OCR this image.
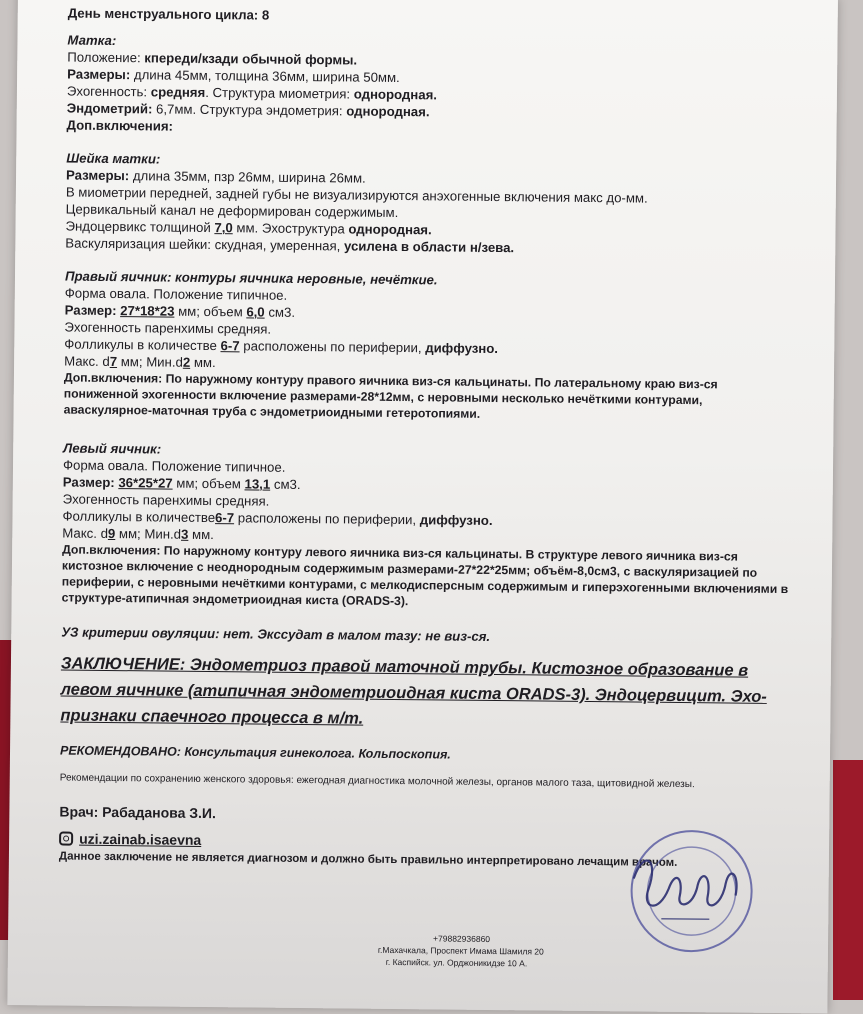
День менструального цикла: 8
Матка:
Положение: кпереди/кзади обычной формы.
Размеры: длина 45мм, толщина 36мм, ширина 50мм.
Эхогенность: средняя. Структура миометрия: однородная.
Эндометрий: 6,7мм. Структура эндометрия: однородная.
Доп.включения:
Шейка матки:
Размеры: длина 35мм, пзр 26мм, ширина 26мм.
В миометрии передней, задней губы не визуализируются анэхогенные включения макс до-мм.
Цервикальный канал не деформирован содержимым.
Эндоцервикс толщиной 7,0 мм. Эхоструктура однородная.
Васкуляризация шейки: скудная, умеренная, усилена в области н/зева.
Правый яичник: контуры яичника неровные, нечёткие.
Форма овала. Положение типичное.
Размер: 27*18*23 мм; объем 6,0 см3.
Эхогенность паренхимы средняя.
Фолликулы в количестве 6-7 расположены по периферии, диффузно.
Макс. d7 мм; Мин.d2 мм.
Доп.включения: По наружному контуру правого яичника виз-ся кальцинаты. По латеральному краю виз-ся пониженной эхогенности включение размерами-28*12мм, с неровными несколько нечёткими контурами, аваскулярное-маточная труба с эндометриоидными гетеротопиями.
Левый яичник:
Форма овала. Положение типичное.
Размер: 36*25*27 мм; объем 13,1 см3.
Эхогенность паренхимы средняя.
Фолликулы в количестве6-7 расположены по периферии, диффузно.
Макс. d9 мм; Мин.d3 мм.
Доп.включения: По наружному контуру левого яичника виз-ся кальцинаты. В структуре левого яичника виз-ся кистозное включение с неоднородным содержимым размерами-27*22*25мм; объём-8,0см3, с васкуляризацией по периферии, с неровными нечёткими контурами, с мелкодисперсным содержимым и гиперэхогенными включениями в структуре-атипичная эндометриоидная киста (ORADS-3).
УЗ критерии овуляции: нет. Экссудат в малом тазу: не виз-ся.
ЗАКЛЮЧЕНИЕ: Эндометриоз правой маточной трубы. Кистозное образование в левом яичнике (атипичная эндометриоидная киста ORADS-3). Эндоцервицит. Эхо-признаки спаечного процесса в м/т.
РЕКОМЕНДОВАНО: Консультация гинеколога. Кольпоскопия.
Рекомендации по сохранению женского здоровья: ежегодная диагностика молочной железы, органов малого таза, щитовидной железы.
Врач: Рабаданова З.И.
uzi.zainab.isaevna
Данное заключение не является диагнозом и должно быть правильно интерпретировано лечащим врачом.
+79882936860
г.Махачкала, Проспект Имама Шамиля 20
г. Каспийск. ул. Орджоникидзе 10 А.
